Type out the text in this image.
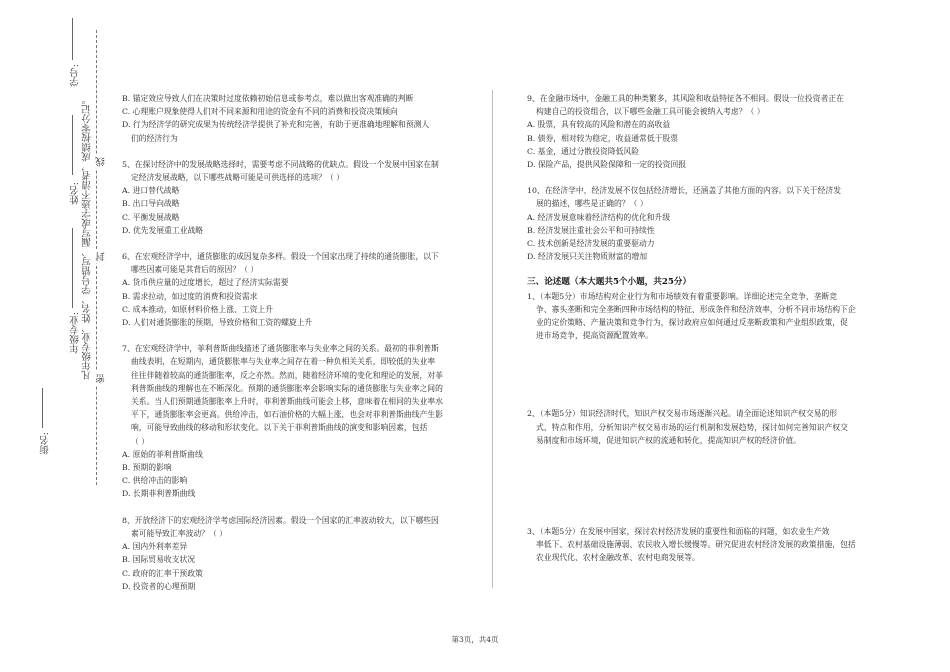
线
封
密
学号:
凡年级专业、姓名、学号错写、漏写或字迹不清者，成绩按零分记。
姓名:
年级专业:
街名:

B. 锚定效应导致人们在决策时过度依赖初始信息或参考点，难以做出客观准确的判断

C. 心理账户现象使得人们对不同来源和用途的资金有不同的消费和投资决策倾向

D. 行为经济学的研究成果为传统经济学提供了补充和完善，有助于更准确地理解和预测人

们的经济行为

5、在探讨经济中的发展战略选择时，需要考虑不同战略的优缺点。假设一个发展中国家在制

定经济发展战略，以下哪些战略可能是可供选择的选项？（ ）

A. 进口替代战略

B. 出口导向战略

C. 平衡发展战略

D. 优先发展重工业战略

6、在宏观经济学中，通货膨胀的成因复杂多样。假设一个国家出现了持续的通货膨胀，以下

哪些因素可能是其背后的原因？（ ）

A. 货币供应量的过度增长，超过了经济实际需要

B. 需求拉动，如过度的消费和投资需求

C. 成本推动，如原材料价格上涨、工资上升

D. 人们对通货膨胀的预期，导致价格和工资的螺旋上升

7、在宏观经济学中，菲利普斯曲线描述了通货膨胀率与失业率之间的关系。最初的菲利普斯

曲线表明，在短期内，通货膨胀率与失业率之间存在着一种负相关关系，即较低的失业率

往往伴随着较高的通货膨胀率，反之亦然。然而，随着经济环境的变化和理论的发展，对菲

利普斯曲线的理解也在不断深化。预期的通货膨胀率会影响实际的通货膨胀与失业率之间的

关系。当人们预期通货膨胀率上升时，菲利普斯曲线可能会上移，意味着在相同的失业率水

平下，通货膨胀率会更高。供给冲击，如石油价格的大幅上涨，也会对菲利普斯曲线产生影

响，可能导致曲线的移动和形状变化。以下关于菲利普斯曲线的演变和影响因素，包括

（ ）

A. 原始的菲利普斯曲线

B. 预期的影响

C. 供给冲击的影响

D. 长期菲利普斯曲线

8、开放经济下的宏观经济学考虑国际经济因素。假设一个国家的汇率波动较大，以下哪些因

素可能导致汇率波动？（ ）

A. 国内外利率差异

B. 国际贸易收支状况

C. 政府的汇率干预政策

D. 投资者的心理预期

9、在金融市场中，金融工具的种类繁多，其风险和收益特征各不相同。假设一位投资者正在

构建自己的投资组合，以下哪些金融工具可能会被纳入考虑？（ ）

A. 股票，具有较高的风险和潜在的高收益

B. 债券，相对较为稳定，收益通常低于股票

C. 基金，通过分散投资降低风险

D. 保险产品，提供风险保障和一定的投资回报

10、在经济学中，经济发展不仅包括经济增长，还涵盖了其他方面的内容。以下关于经济发

展的描述，哪些是正确的？（ ）

A. 经济发展意味着经济结构的优化和升级

B. 经济发展注重社会公平和可持续性

C. 技术创新是经济发展的重要驱动力

D. 经济发展只关注物质财富的增加

三、论述题（本大题共5个小题，共25分）

1、（本题5分）市场结构对企业行为和市场绩效有着重要影响。详细论述完全竞争、垄断竞

争、寡头垄断和完全垄断四种市场结构的特征、形成条件和经济效率，分析不同市场结构下企

业的定价策略、产量决策和竞争行为，探讨政府应如何通过反垄断政策和产业组织政策，促

进市场竞争，提高资源配置效率。

2、（本题5分）知识经济时代，知识产权交易市场逐渐兴起。请全面论述知识产权交易的形

式、特点和作用，分析知识产权交易市场的运行机制和发展趋势，探讨如何完善知识产权交

易制度和市场环境，促进知识产权的流通和转化，提高知识产权的经济价值。

3、（本题5分）在发展中国家，探讨农村经济发展的重要性和面临的问题，如农业生产效

率低下、农村基础设施薄弱、农民收入增长缓慢等。研究促进农村经济发展的政策措施，包括

农业现代化、农村金融改革、农村电商发展等。

第3页，共4页
